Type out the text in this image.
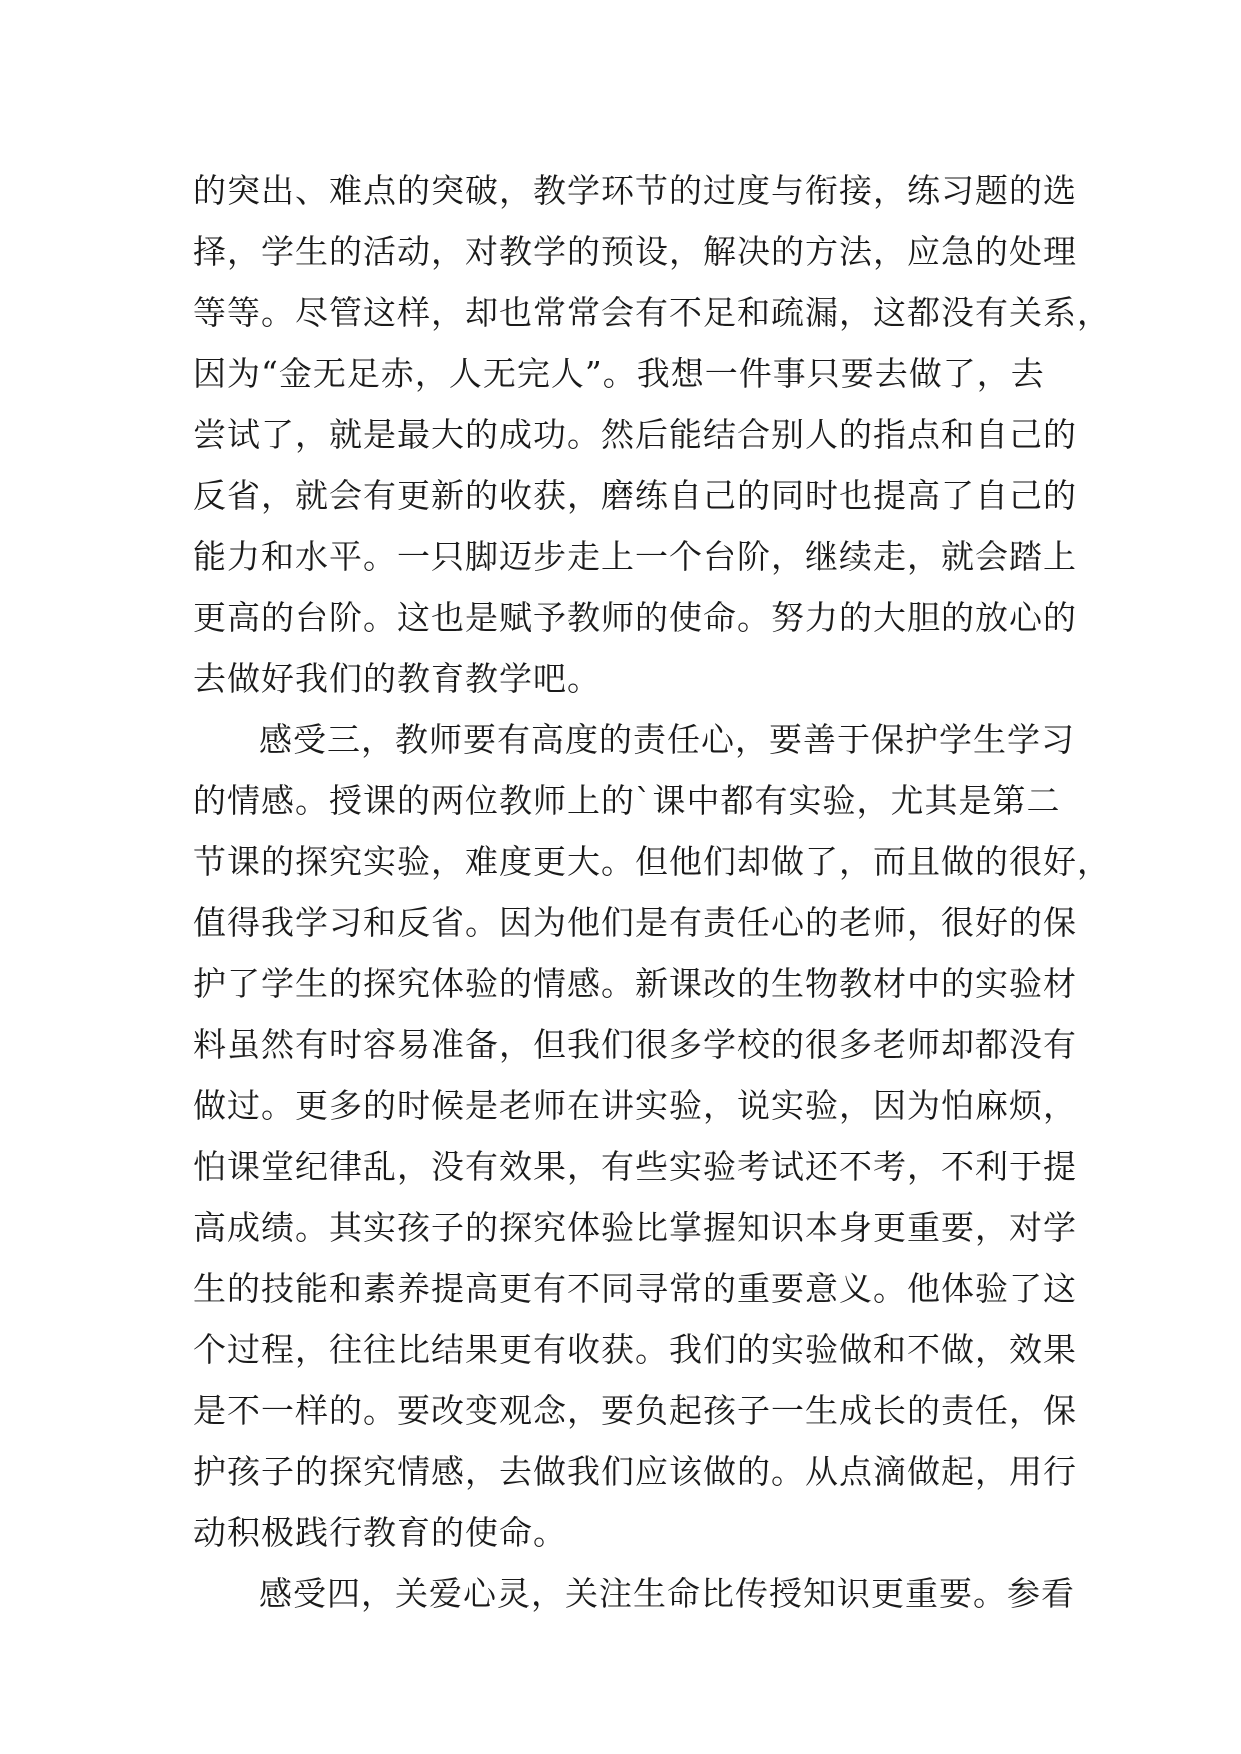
的突出、难点的突破，教学环节的过度与衔接，练习题的选
择，学生的活动，对教学的预设，解决的方法，应急的处理
等等。尽管这样，却也常常会有不足和疏漏，这都没有关系，
因为“金无足赤，人无完人”。我想一件事只要去做了，去
尝试了，就是最大的成功。然后能结合别人的指点和自己的
反省，就会有更新的收获，磨练自己的同时也提高了自己的
能力和水平。一只脚迈步走上一个台阶，继续走，就会踏上
更高的台阶。这也是赋予教师的使命。努力的大胆的放心的
去做好我们的教育教学吧。
感受三，教师要有高度的责任心，要善于保护学生学习
的情感。授课的两位教师上的`课中都有实验，尤其是第二
节课的探究实验，难度更大。但他们却做了，而且做的很好，
值得我学习和反省。因为他们是有责任心的老师，很好的保
护了学生的探究体验的情感。新课改的生物教材中的实验材
料虽然有时容易准备，但我们很多学校的很多老师却都没有
做过。更多的时候是老师在讲实验，说实验，因为怕麻烦，
怕课堂纪律乱，没有效果，有些实验考试还不考，不利于提
高成绩。其实孩子的探究体验比掌握知识本身更重要，对学
生的技能和素养提高更有不同寻常的重要意义。他体验了这
个过程，往往比结果更有收获。我们的实验做和不做，效果
是不一样的。要改变观念，要负起孩子一生成长的责任，保
护孩子的探究情感，去做我们应该做的。从点滴做起，用行
动积极践行教育的使命。
感受四，关爱心灵，关注生命比传授知识更重要。参看
